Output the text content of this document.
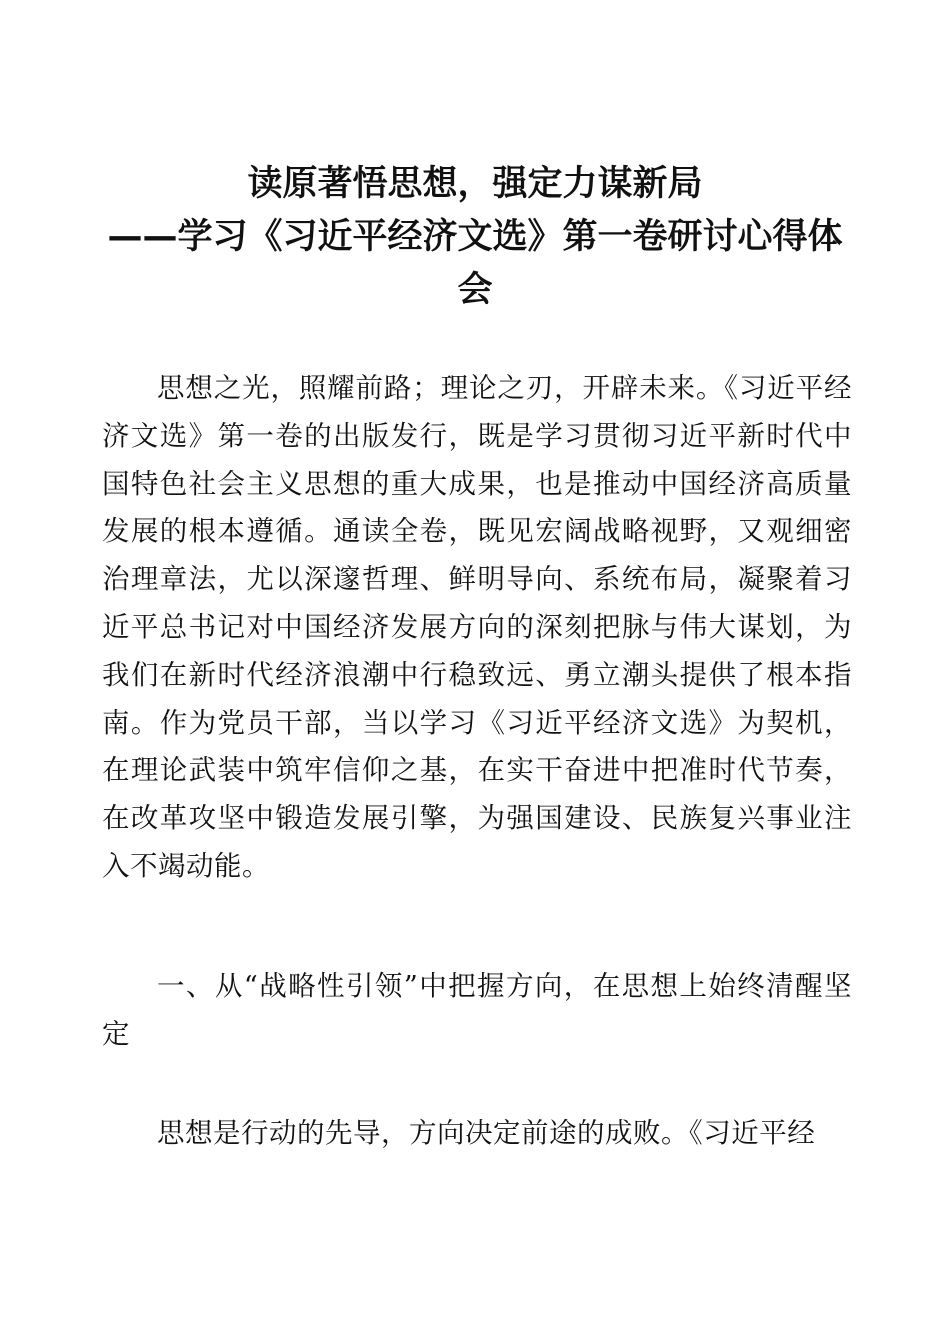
读原著悟思想，强定力谋新局
——学习《习近平经济文选》第一卷研讨心得体
会

思想之光，照耀前路；理论之刃，开辟未来。《习近平经济文选》第一卷的出版发行，既是学习贯彻习近平新时代中国特色社会主义思想的重大成果，也是推动中国经济高质量发展的根本遵循。通读全卷，既见宏阔战略视野，又观细密治理章法，尤以深邃哲理、鲜明导向、系统布局，凝聚着习近平总书记对中国经济发展方向的深刻把脉与伟大谋划，为我们在新时代经济浪潮中行稳致远、勇立潮头提供了根本指南。作为党员干部，当以学习《习近平经济文选》为契机，在理论武装中筑牢信仰之基，在实干奋进中把准时代节奏，在改革攻坚中锻造发展引擎，为强国建设、民族复兴事业注入不竭动能。

一、从“战略性引领”中把握方向，在思想上始终清醒坚定

思想是行动的先导，方向决定前途的成败。《习近平经
